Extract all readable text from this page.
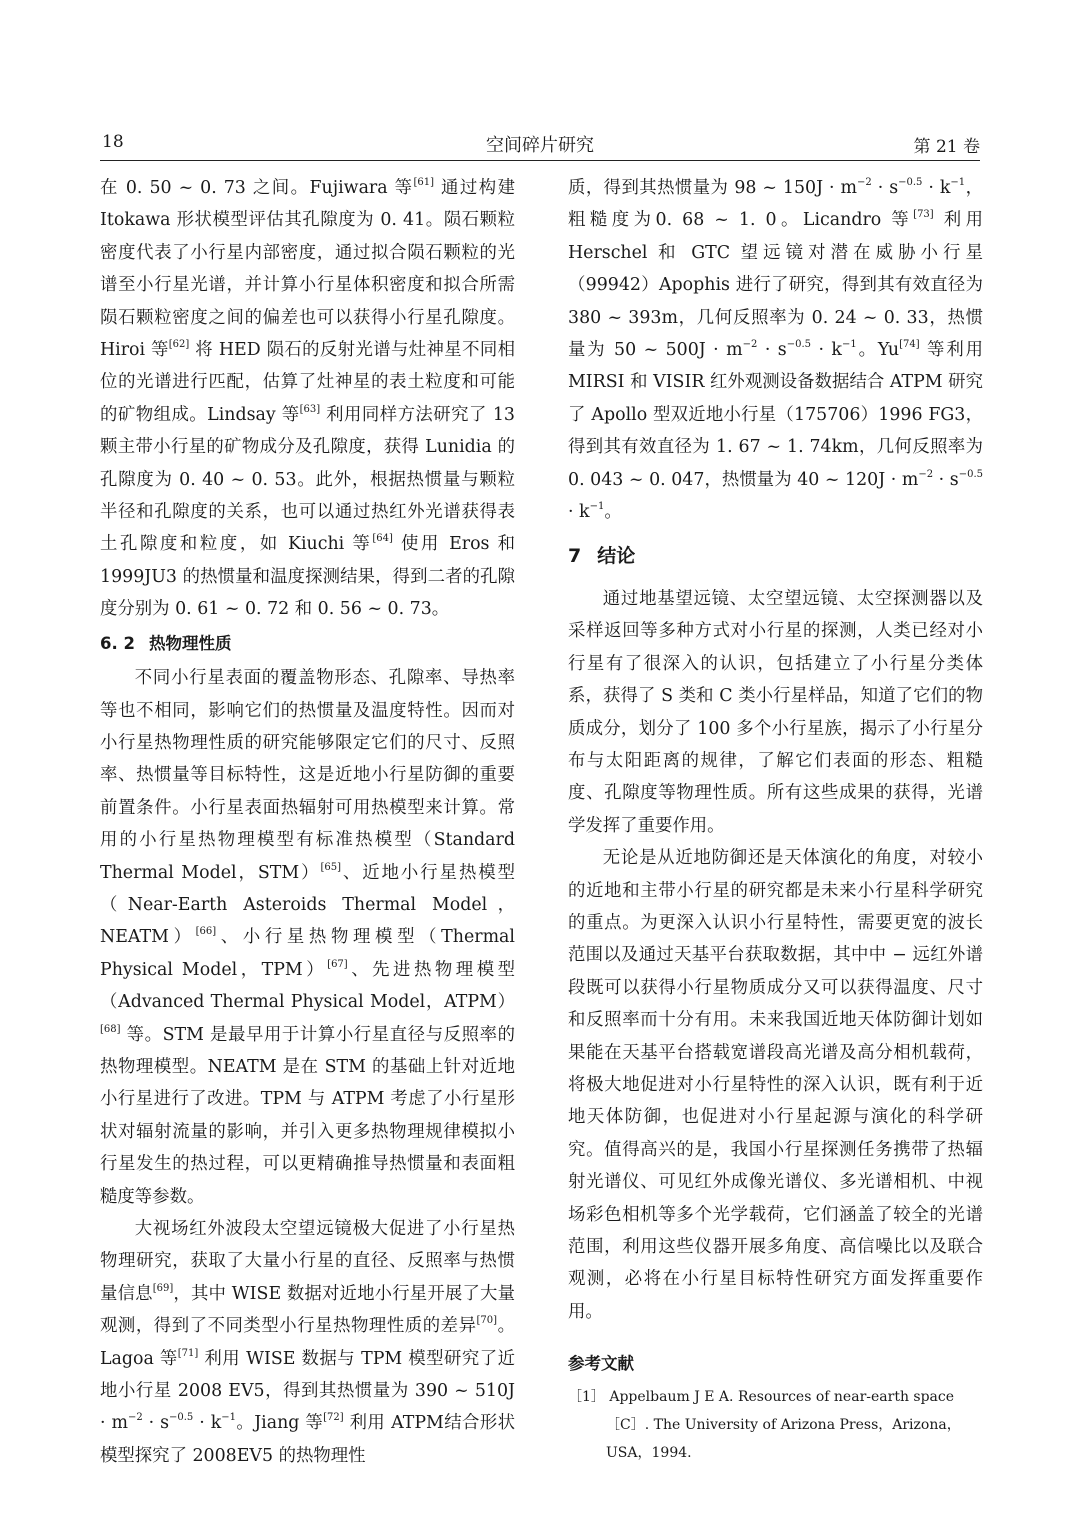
18	空间碎片研究	第 21 卷

在 0. 50 ~ 0. 73 之间。Fujiwara 等[61] 通过构建 Itokawa 形状模型评估其孔隙度为 0. 41。陨石颗粒密度代表了小行星内部密度，通过拟合陨石颗粒的光谱至小行星光谱，并计算小行星体积密度和拟合所需陨石颗粒密度之间的偏差也可以获得小行星孔隙度。Hiroi 等[62] 将 HED 陨石的反射光谱与灶神星不同相位的光谱进行匹配，估算了灶神星的表土粒度和可能的矿物组成。Lindsay 等[63] 利用同样方法研究了 13 颗主带小行星的矿物成分及孔隙度，获得 Lunidia 的孔隙度为 0. 40 ~ 0. 53。此外，根据热惯量与颗粒半径和孔隙度的关系，也可以通过热红外光谱获得表土孔隙度和粒度，如 Kiuchi 等[64] 使用 Eros 和 1999JU3 的热惯量和温度探测结果，得到二者的孔隙度分别为 0. 61 ~ 0. 72 和 0. 56 ~ 0. 73。

6. 2 热物理性质

不同小行星表面的覆盖物形态、孔隙率、导热率等也不相同，影响它们的热惯量及温度特性。因而对小行星热物理性质的研究能够限定它们的尺寸、反照率、热惯量等目标特性，这是近地小行星防御的重要前置条件。小行星表面热辐射可用热模型来计算。常用的小行星热物理模型有标准热模型（Standard Thermal Model，STM）[65]、近地小行星热模型（Near-Earth Asteroids Thermal Model，NEATM）[66]、小行星热物理模型（Thermal Physical Model，TPM）[67]、先进热物理模型（Advanced Thermal Physical Model，ATPM）[68] 等。STM 是最早用于计算小行星直径与反照率的热物理模型。NEATM 是在 STM 的基础上针对近地小行星进行了改进。TPM 与 ATPM 考虑了小行星形状对辐射流量的影响，并引入更多热物理规律模拟小行星发生的热过程，可以更精确推导热惯量和表面粗糙度等参数。

大视场红外波段太空望远镜极大促进了小行星热物理研究，获取了大量小行星的直径、反照率与热惯量信息[69]，其中 WISE 数据对近地小行星开展了大量观测，得到了不同类型小行星热物理性质的差异[70]。Lagoa 等[71] 利用 WISE 数据与 TPM 模型研究了近地小行星 2008 EV5，得到其热惯量为 390 ~ $510J \cdot m^{-2} \cdot s^{-0.5} \cdot k^{-1}$。Jiang 等[72] 利用 ATPM结合形状模型探究了 2008EV5 的热物理性

质，得到其热惯量为 98 ~ $150J \cdot m^{-2} \cdot s^{-0.5} \cdot k^{-1}$，粗糙度为0. 68 ~ 1. 0。Licandro 等[73] 利用 Herschel 和 GTC 望远镜对潜在威胁小行星（99942）Apophis 进行了研究，得到其有效直径为 380 ~ 393m，几何反照率为 0. 24 ~ 0. 33，热惯量为 50 ~ $500J \cdot m^{-2} \cdot s^{-0.5} \cdot k^{-1}$。Yu[74] 等利用 MIRSI 和 VISIR 红外观测设备数据结合 ATPM 研究了 Apollo 型双近地小行星（175706）1996 FG3，得到其有效直径为 1. 67 ~ 1. 74km，几何反照率为 0. 043 ~ 0. 047，热惯量为 40 ~ $120J \cdot m^{-2} \cdot s^{-0.5} \cdot k^{-1}$。

7 结论

通过地基望远镜、太空望远镜、太空探测器以及采样返回等多种方式对小行星的探测，人类已经对小行星有了很深入的认识，包括建立了小行星分类体系，获得了 S 类和 C 类小行星样品，知道了它们的物质成分，划分了 100 多个小行星族，揭示了小行星分布与太阳距离的规律，了解它们表面的形态、粗糙度、孔隙度等物理性质。所有这些成果的获得，光谱学发挥了重要作用。

无论是从近地防御还是天体演化的角度，对较小的近地和主带小行星的研究都是未来小行星科学研究的重点。为更深入认识小行星特性，需要更宽的波长范围以及通过天基平台获取数据，其中中 − 远红外谱段既可以获得小行星物质成分又可以获得温度、尺寸和反照率而十分有用。未来我国近地天体防御计划如果能在天基平台搭载宽谱段高光谱及高分相机载荷，将极大地促进对小行星特性的深入认识，既有利于近地天体防御，也促进对小行星起源与演化的科学研究。值得高兴的是，我国小行星探测任务携带了热辐射光谱仪、可见红外成像光谱仪、多光谱相机、中视场彩色相机等多个光学载荷，它们涵盖了较全的光谱范围，利用这些仪器开展多角度、高信噪比以及联合观测，必将在小行星目标特性研究方面发挥重要作用。

参考文献
［1］ Appelbaum J E A. Resources of near-earth space［C］. The University of Arizona Press，Arizona，USA，1994.
